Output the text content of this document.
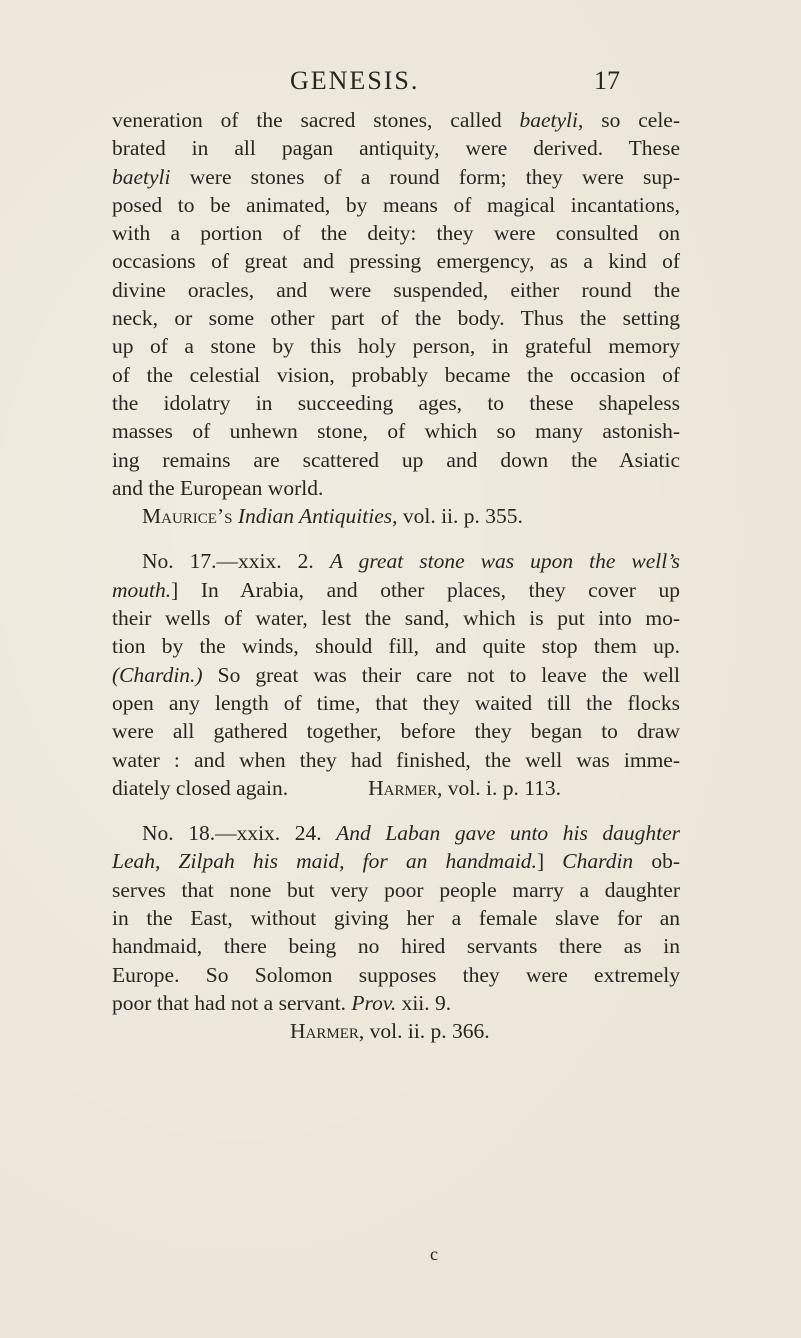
GENESIS.	17

veneration of the sacred stones, called baetyli, so cele-

brated in all pagan antiquity, were derived. These

baetyli were stones of a round form; they were sup-

posed to be animated, by means of magical incantations,

with a portion of the deity: they were consulted on

occasions of great and pressing emergency, as a kind of

divine oracles, and were suspended, either round the

neck, or some other part of the body. Thus the setting

up of a stone by this holy person, in grateful memory

of the celestial vision, probably became the occasion of

the idolatry in succeeding ages, to these shapeless

masses of unhewn stone, of which so many astonish-

ing remains are scattered up and down the Asiatic

and the European world.

Maurice’s Indian Antiquities, vol. ii. p. 355.

No. 17.—xxix. 2. A great stone was upon the well’s

mouth.] In Arabia, and other places, they cover up

their wells of water, lest the sand, which is put into mo-

tion by the winds, should fill, and quite stop them up.

(Chardin.) So great was their care not to leave the well

open any length of time, that they waited till the flocks

were all gathered together, before they began to draw

water : and when they had finished, the well was imme-

diately closed again.	Harmer, vol. i. p. 113.

No. 18.—xxix. 24. And Laban gave unto his daughter

Leah, Zilpah his maid, for an handmaid.] Chardin ob-

serves that none but very poor people marry a daughter

in the East, without giving her a female slave for an

handmaid, there being no hired servants there as in

Europe. So Solomon supposes they were extremely

poor that had not a servant. Prov. xii. 9.

Harmer, vol. ii. p. 366.

c
